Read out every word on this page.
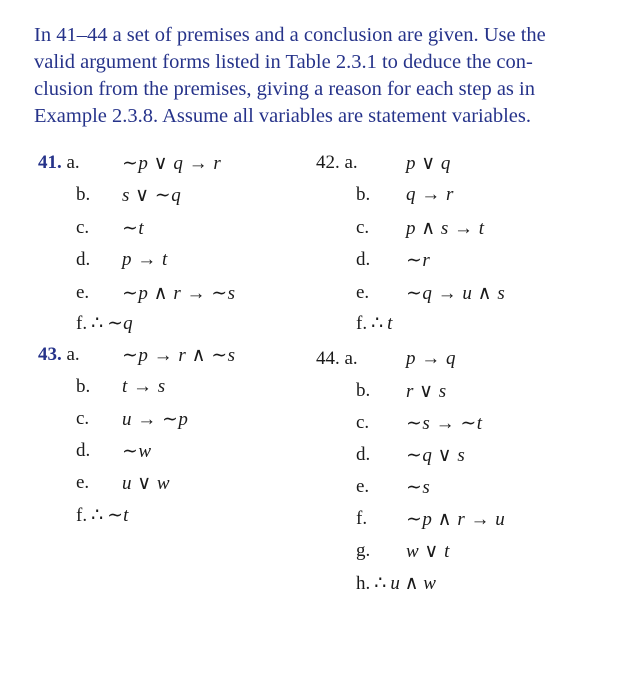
In 41–44 a set of premises and a conclusion are given. Use the
valid argument forms listed in Table 2.3.1 to deduce the con-
clusion from the premises, giving a reason for each step as in
Example 2.3.8. Assume all variables are statement variables.
41. a. ∼p ∨ q → r
b. s ∨ ∼q
c. ∼t
d. p → t
e. ∼p ∧ r → ∼s
f. ∴ ∼q
42. a.	p ∨ q
b. q → r
c. p ∧ s → t
d. ∼r
e. ∼q → u ∧ s
f. ∴ t
43. a. ∼p → r ∧ ∼s
b. t → s
c. u → ∼p
d. ∼w
e. u ∨ w
f. ∴ ∼t
44. a.	p → q
b. r ∨ s
c. ∼s → ∼t
d. ∼q ∨ s
e. ∼s
f. ∼p ∧ r → u
g. w ∨ t
h. ∴ u ∧ w
